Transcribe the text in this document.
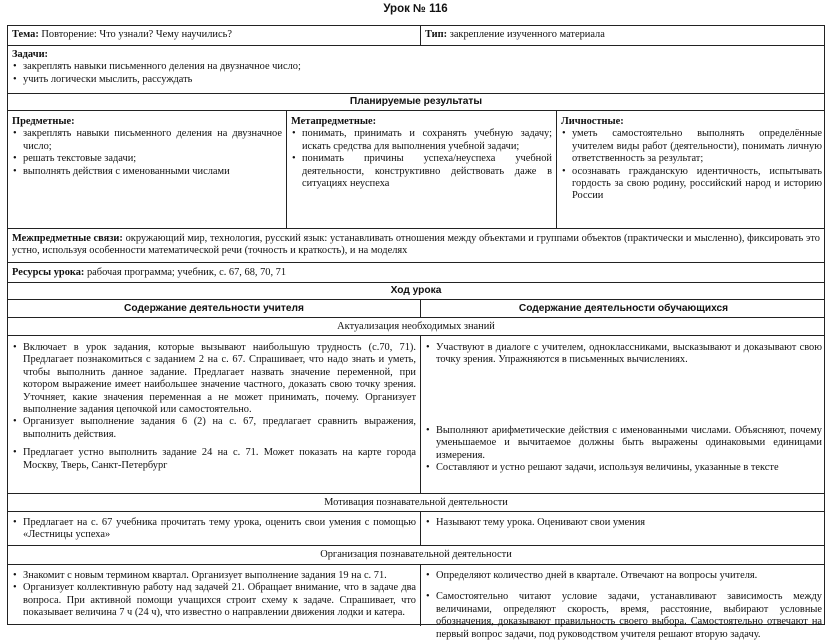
Урок № 116
Тема: Повторение: Что узнали? Чему научились?	Тип: закрепление изученного материала
Задачи:
• закреплять навыки письменного деления на двузначное число;
• учить логически мыслить, рассуждать
Планируемые результаты
Предметные:
• закреплять навыки письменного деления на двузначное число;
• решать текстовые задачи;
• выполнять действия с именованными числами
Метапредметные:
• понимать, принимать и сохранять учебную задачу; искать средства для выполнения учебной задачи;
• понимать причины успеха/неуспеха учебной деятельности, конструктивно действовать даже в ситуациях неуспеха
Личностные:
• уметь самостоятельно выполнять определённые учителем виды работ (деятельности), понимать личную ответственность за результат;
• осознавать гражданскую идентичность, испытывать гордость за свою родину, российский народ и историю России
Межпредметные связи: окружающий мир, технология, русский язык: устанавливать отношения между объектами и группами объектов (практически и мысленно), фиксировать это устно, используя особенности математической речи (точность и краткость), и на моделях
Ресурсы урока: рабочая программа; учебник, с. 67, 68, 70, 71
Ход урока
Содержание деятельности учителя	Содержание деятельности обучающихся
Актуализация необходимых знаний
• Включает в урок задания, которые вызывают наибольшую трудность (с.70, 71). Предлагает познакомиться с заданием 2 на с. 67. Спрашивает, что надо знать и уметь, чтобы выполнить данное задание. Предлагает назвать значение переменной, при котором выражение имеет наибольшее значение частного, доказать свою точку зрения. Уточняет, какие значения переменная a не может принимать, почему. Организует выполнение задания цепочкой или самостоятельно.
• Организует выполнение задания 6 (2) на с. 67, предлагает сравнить выражения, выполнить действия.
• Предлагает устно выполнить задание 24 на с. 71. Может показать на карте города Москву, Тверь, Санкт-Петербург
• Участвуют в диалоге с учителем, одноклассниками, высказывают и доказывают свою точку зрения. Упражняются в письменных вычислениях.
• Выполняют арифметические действия с именованными числами. Объясняют, почему уменьшаемое и вычитаемое должны быть выражены одинаковыми единицами измерения.
• Составляют и устно решают задачи, используя величины, указанные в тексте
Мотивация познавательной деятельности
• Предлагает на с. 67 учебника прочитать тему урока, оценить свои умения с помощью «Лестницы успеха»
• Называют тему урока. Оценивают свои умения
Организация познавательной деятельности
• Знакомит с новым термином квартал. Организует выполнение задания 19 на с. 71.
• Организует коллективную работу над задачей 21. Обращает внимание, что в задаче два вопроса. При активной помощи учащихся строит схему к задаче. Спрашивает, что показывает величина 7 ч (24 ч), что известно о направлении движения лодки и катера.
• Определяют количество дней в квартале. Отвечают на вопросы учителя.
• Самостоятельно читают условие задачи, устанавливают зависимость между величинами, определяют скорость, время, расстояние, выбирают условные обозначения, доказывают правильность своего выбора. Самостоятельно отвечают на первый вопрос задачи, под руководством учителя решают вторую задачу.
